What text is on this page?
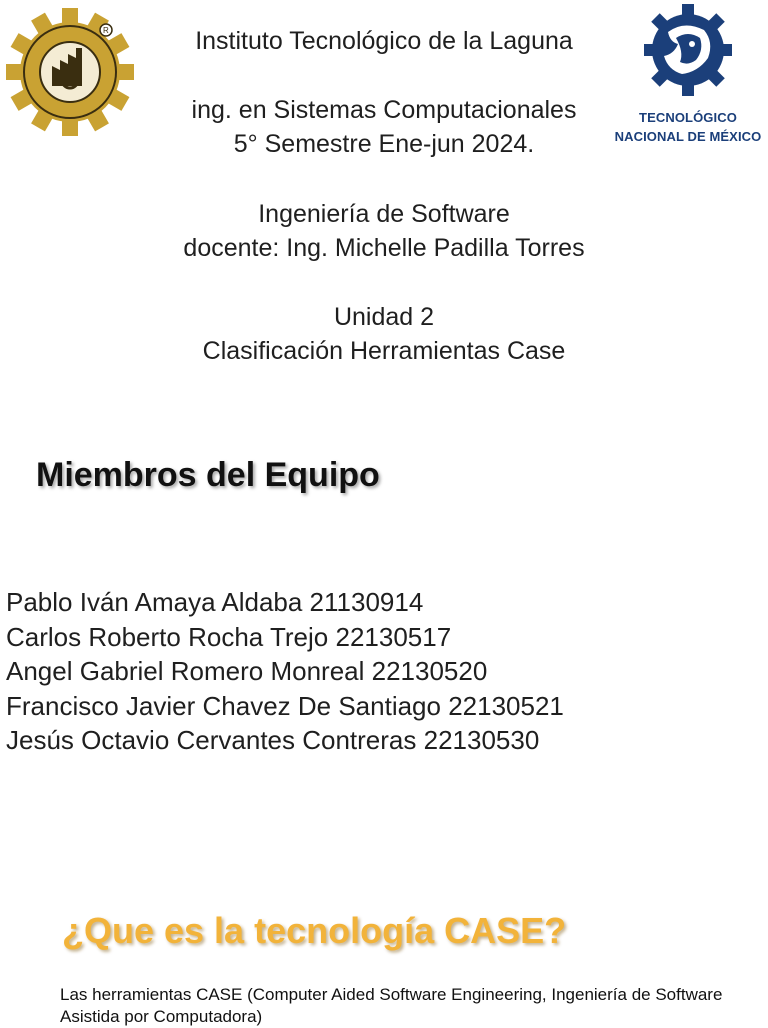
R
TECNOLÓGICO
NACIONAL DE MÉXICO
Instituto Tecnológico de la Laguna
ing. en Sistemas Computacionales
5° Semestre Ene-jun 2024.
Ingeniería de Software
docente: Ing. Michelle Padilla Torres
Unidad 2
Clasificación Herramientas Case
Miembros del Equipo
Pablo Iván Amaya Aldaba 21130914
Carlos Roberto Rocha Trejo 22130517
Angel Gabriel Romero Monreal 22130520
Francisco Javier Chavez De Santiago 22130521
Jesús Octavio Cervantes Contreras 22130530
¿Que es la tecnología CASE?
Las herramientas CASE (Computer Aided Software Engineering, Ingeniería de Software Asistida por Computadora)
